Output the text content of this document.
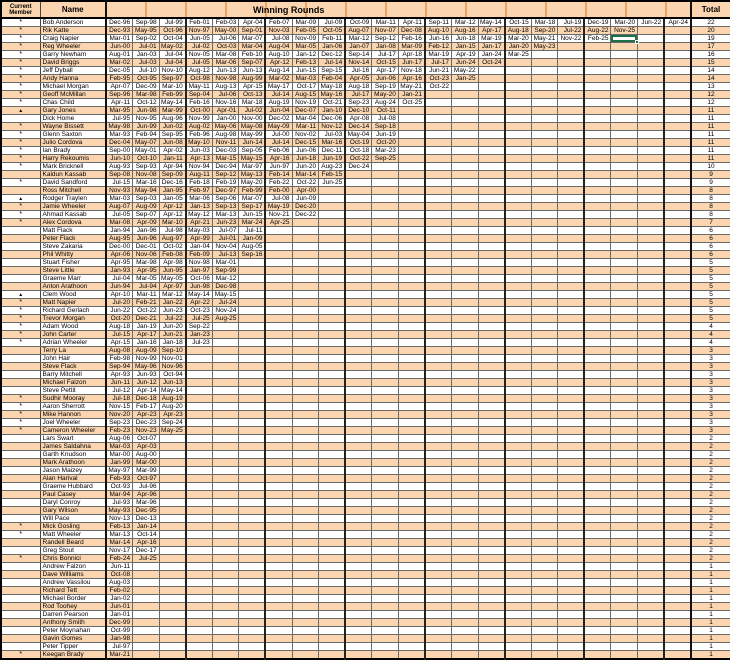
Current Member	Name	Winning Rounds																						Total
*	Bob Anderson	Dec-96	Sep-98	Jul-99	Feb-01	Feb-03	Apr-04	Feb-07	Mar-09	Jul-09	Oct-09	Mar-11	Apr-11	Sep-11	Mar-12	May-14	Oct-15	Mar-18	Jul-19	Dec-19	Mar-20	Jun-22	Apr-24	22
*	Rik Katte	Dec-93	May-95	Oct-96	Nov-97	May-00	Sep-01	Nov-03	Feb-05	Oct-05	Aug-07	Nov-07	Dec-08	Aug-10	Aug-16	Apr-17	Aug-18	Sep-20	Jul-22	Aug-22	Nov-25			20
*	Craig Napier	Mar-01	Sep-02	Oct-04	Jun-05	Jul-06	Mar-07	Jul-08	Nov-09	Feb-11	Mar-12	Sep-12	Feb-16	Jun-16	Jun-18	Mar-19	Mar-20	May-21	Nov-22	Feb-25				19
*	Reg Wheeler	Jun-00	Jul-01	May-02	Jul-02	Oct-03	Mar-04	Aug-04	Mar-05	Jan-06	Jan-07	Jan-08	Mar-09	Feb-12	Jan-15	Jan-17	Jan-20	May-23						17
*	Garry Newham	Aug-01	Jan-03	Jul-04	Nov-05	Mar-08	Feb-10	Aug-10	Jan-12	Dec-12	Sep-14	Jul-17	Apr-18	Mar-19	Apr-19	Jan-24	Mar-25							16
*	David Briggs	Mar-02	Jul-03	Jul-04	Jul-05	Mar-06	Sep-07	Apr-12	Feb-13	Jul-14	Nov-14	Oct-15	Jun-17	Jul-17	Jun-24	Oct-24								15
*	Jeff Dyball	Dec-05	Jul-10	Nov-10	Aug-12	Jun-13	Jun-13	Aug-14	Jun-15	Sep-15	Jul-16	Apr-17	Nov-18	Jun-21	May-22									14
*	Andy Hanna	Feb-95	Oct-95	Sep-97	Oct-98	Nov-98	Aug-99	Mar-02	Mar-03	Feb-04	Apr-05	Jun-06	Apr-16	Oct-23	Jan-25									14
*	Michael Morgan	Apr-07	Dec-09	Mar-10	May-11	Aug-13	Apr-15	May-17	Oct-17	May-18	Aug-18	Sep-19	May-21	Oct-22										13
*	Geoff McMillan	Sep-96	Mar-98	Feb-99	Sep-04	Jul-06	Oct-13	Jul-14	Aug-15	May-16	Jul-17	May-20	Jan-21											12
*	Chas Child	Apr-11	Oct-12	May-14	Feb-16	Nov-16	Mar-18	Aug-19	Nov-19	Oct-21	Sep-23	Aug-24	Oct-25											12
▲	Gary Jones	Mar-95	Jun-98	Mar-99	Oct-00	Apr-01	Jul-02	Jun-04	Dec-07	Jan-10	Dec-10	Oct-11												11
	Dick Home	Jul-95	Nov-95	Aug-96	Nov-99	Jan-00	Nov-00	Dec-02	Mar-04	Dec-06	Apr-08	Jul-08												11
*	Wayne Bissett	May-98	Jun-99	Jun-02	Aug-02	May-06	May-08	May-09	Mar-11	Nov-12	Dec-14	Sep-18												11
*	Glenn Saxton	Mar-93	Feb-94	Sep-95	Feb-96	Aug-98	May-99	Jul-00	Nov-02	Jul-03	May-04	Jun-19												11
*	Julio Cordova	Dec-04	May-07	Jun-08	May-10	Nov-11	Jun-14	Jul-14	Dec-15	Mar-16	Oct-19	Oct-20												11
*	Ian Brady	Sep-00	May-01	Apr-02	Jun-03	Dec-03	Sep-05	Feb-06	Jun-06	Dec-11	Oct-18	Mar-23												11
*	Harry Rekoumis	Jun-10	Oct-10	Jan-11	Apr-13	Mar-15	May-15	Apr-16	Jun-18	Jun-19	Oct-22	Sep-25												11
*	Mark Bricknell	Aug-93	Sep-93	Apr-94	Nov-94	Dec-94	Mar-97	Jun-97	Jun-20	Aug-23	Dec-24													10
	Kaldun Kassab	Sep-08	Nov-08	Sep-09	Aug-11	Sep-12	May-13	Feb-14	Mar-14	Feb-15														9
*	David Sandford	Jul-15	Mar-16	Dec-16	Feb-18	Feb-19	May-20	Feb-22	Oct-22	Jun-25														9
	Ross Mitchell	Nov-93	May-94	Jan-95	Feb-97	Dec-97	Feb-99	Feb-00	Apr-00															8
▲	Rodger Traylen	Mar-03	Sep-03	Jan-05	Mar-06	Sep-06	Mar-07	Jul-08	Jun-09															8
*	Jamie Wheeler	Aug-07	Aug-09	Apr-12	Jan-13	Sep-13	Sep-17	May-19	Dec-20															8
*	Ahmad Kassab	Jul-05	Sep-07	Apr-12	May-12	Mar-13	Jun-15	Nov-21	Dec-22															8
*	Alex Cordova	Mar-08	Apr-09	Mar-10	Apr-21	Jun-23	Mar-24	Apr-25																7
	Matt Flack	Jan-94	Jan-96	Jul-98	May-03	Jul-07	Jul-11																	6
	Peter Flack	Aug-95	Jun-96	Aug-97	Apr-99	Jul-01	Jan-09																	6
	Steve Zakaria	Dec-00	Dec-01	Oct-02	Jan-04	Nov-04	Aug-05																	6
	Phil Whitty	Apr-06	Nov-06	Feb-08	Feb-09	Jul-13	Sep-16																	6
	Stuart Fisher	Apr-95	Mar-98	Apr-98	Nov-98	Mar-01																		5
	Steve Little	Jan-93	Apr-95	Jun-95	Jan-97	Sep-99																		5
	Graeme Marr	Jul-04	Mar-05	May-05	Oct-06	Mar-12																		5
	Anton Arathoon	Jun-94	Jul-94	Apr-97	Jun-98	Dec-98																		5
▲	Clem Wood	Apr-10	Mar-11	Mar-12	May-14	May-15																		5
*	Matt Napier	Jul-20	Feb-21	Jan-22	Apr-22	Jul-24																		5
*	Richard Gerlach	Jun-22	Oct-22	Jun-23	Oct-23	Nov-24																		5
*	Trevor Morgan	Oct-20	Dec-21	Jul-22	Jul-25	Aug-25																		5
*	Adam Wood	Aug-18	Jan-19	Jun-20	Sep-22																			4
*	John Carter	Jul-15	Apr-17	Jun-21	Jan-23																			4
*	Adrian Wheeler	Apr-15	Jan-16	Jan-18	Jul-23																			4
	Terry La	Aug-08	Aug-09	Sep-10																				3
	John Hair	Feb-98	Nov-99	Nov-01																				3
	Steve Flack	Sep-94	May-96	Nov-96																				3
	Barry Mitchell	Apr-93	Jun-93	Oct-94																				3
	Michael Falzon	Jun-11	Jun-12	Jun-13																				3
	Steve Pettit	Jul-12	Apr-14	May-14																				3
*	Sudhir Mooray	Jul-18	Dec-18	Aug-19																				3
*	Aaron Sherrott	Nov-15	Feb-17	Aug-20																				3
*	Mike Hannon	Nov-20	Apr-23	Apr-23																				3
*	Joel Wheeler	Sep-23	Dec-23	Sep-24																				3
*	Cameron Wheeler	Feb-23	Nov-23	May-25																				3
	Lars Swart	Aug-06	Oct-07																					2
	James Saldahna	Mar-03	Apr-03																					2
	Garth Knudson	Mar-00	Aug-00																					2
	Mark Arathoon	Jan-99	Mar-00																					2
	Jason Maizey	May-97	Mar-99																					2
	Alan Harival	Feb-93	Oct-97																					2
	Graeme Hubbard	Oct-93	Jul-96																					2
	Paul Casey	Mar-94	Apr-96																					2
	Daryl Conroy	Jul-93	Mar-96																					2
	Gary Wilson	May-93	Dec-95																					2
	Will Pace	Nov-13	Dec-13																					2
*	Mick Gosling	Feb-13	Jan-14																					2
*	Matt Wheeler	Mar-13	Oct-14																					2
	Randell Beard	Mar-14	Apr-16																					2
	Greg Stout	Nov-17	Dec-17																					2
*	Chris Bonnici	Feb-24	Jul-25																					2
	Andrew Falzon	Jun-11																						1
	Dave Williams	Oct-08																						1
	Andrew Vassilou	Aug-03																						1
	Richard Tett	Feb-02																						1
	Michael Border	Jan-02																						1
	Rod Toohey	Jun-01																						1
	Darren Pearson	Jan-01																						1
	Anthony Smith	Dec-99																						1
	Peter Moynahan	Oct-99																						1
	Gavin Gomes	Jan-98																						1
	Peter Tipper	Jul-97																						1
*	Keegan Brady	Mar-21																						1
